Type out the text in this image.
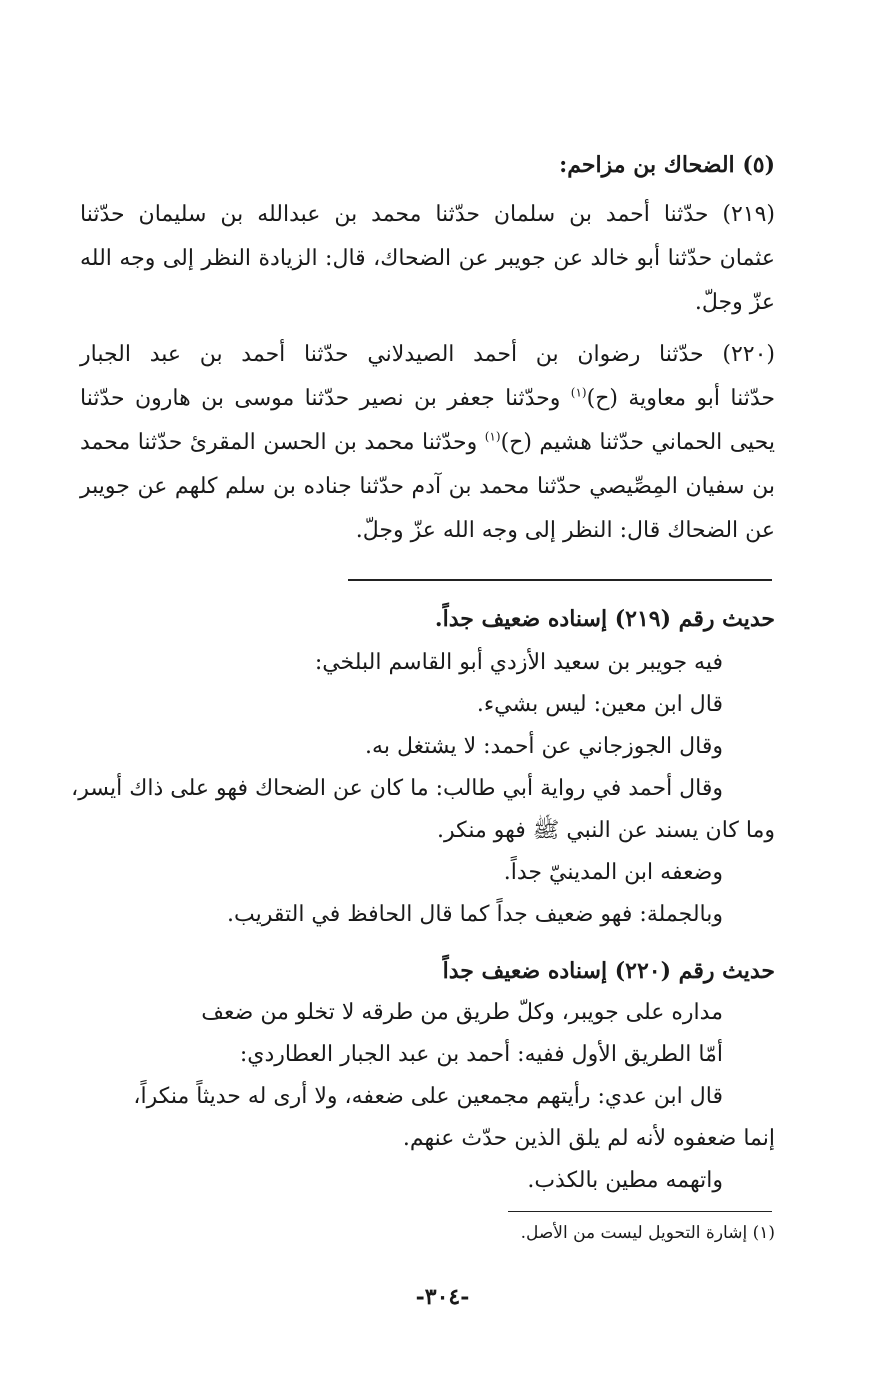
(٥) الضحاك بن مزاحم:
(٢١٩) حدّثنا أحمد بن سلمان حدّثنا محمد بن عبدالله بن سليمان حدّثنا
عثمان حدّثنا أبو خالد عن جويبر عن الضحاك، قال: الزيادة النظر إلى وجه الله
عزّ وجلّ.
(٢٢٠) حدّثنا رضوان بن أحمد الصيدلاني حدّثنا أحمد بن عبد الجبار
حدّثنا أبو معاوية (ح)$^{(١)}$ وحدّثنا جعفر بن نصير حدّثنا موسى بن هارون حدّثنا
يحيى الحماني حدّثنا هشيم (ح)$^{(١)}$ وحدّثنا محمد بن الحسن المقرئ حدّثنا محمد
بن سفيان المِصِّيصي حدّثنا محمد بن آدم حدّثنا جناده بن سلم كلهم عن جويبر
عن الضحاك قال: النظر إلى وجه الله عزّ وجلّ.
حديث رقم (٢١٩) إسناده ضعيف جداً.
فيه جويبر بن سعيد الأزدي أبو القاسم البلخي:
قال ابن معين: ليس بشيء.
وقال الجوزجاني عن أحمد: لا يشتغل به.
وقال أحمد في رواية أبي طالب: ما كان عن الضحاك فهو على ذاك أيسر،
وما كان يسند عن النبي ﷺ فهو منكر.
وضعفه ابن المدينيّ جداً.
وبالجملة: فهو ضعيف جداً كما قال الحافظ في التقريب.
حديث رقم (٢٢٠) إسناده ضعيف جداً
مداره على جويبر، وكلّ طريق من طرقه لا تخلو من ضعف
أمّا الطريق الأول ففيه: أحمد بن عبد الجبار العطاردي:
قال ابن عدي: رأيتهم مجمعين على ضعفه، ولا أرى له حديثاً منكراً،
إنما ضعفوه لأنه لم يلق الذين حدّث عنهم.
واتهمه مطين بالكذب.
(١) إشارة التحويل ليست من الأصل.
-٣٠٤-
